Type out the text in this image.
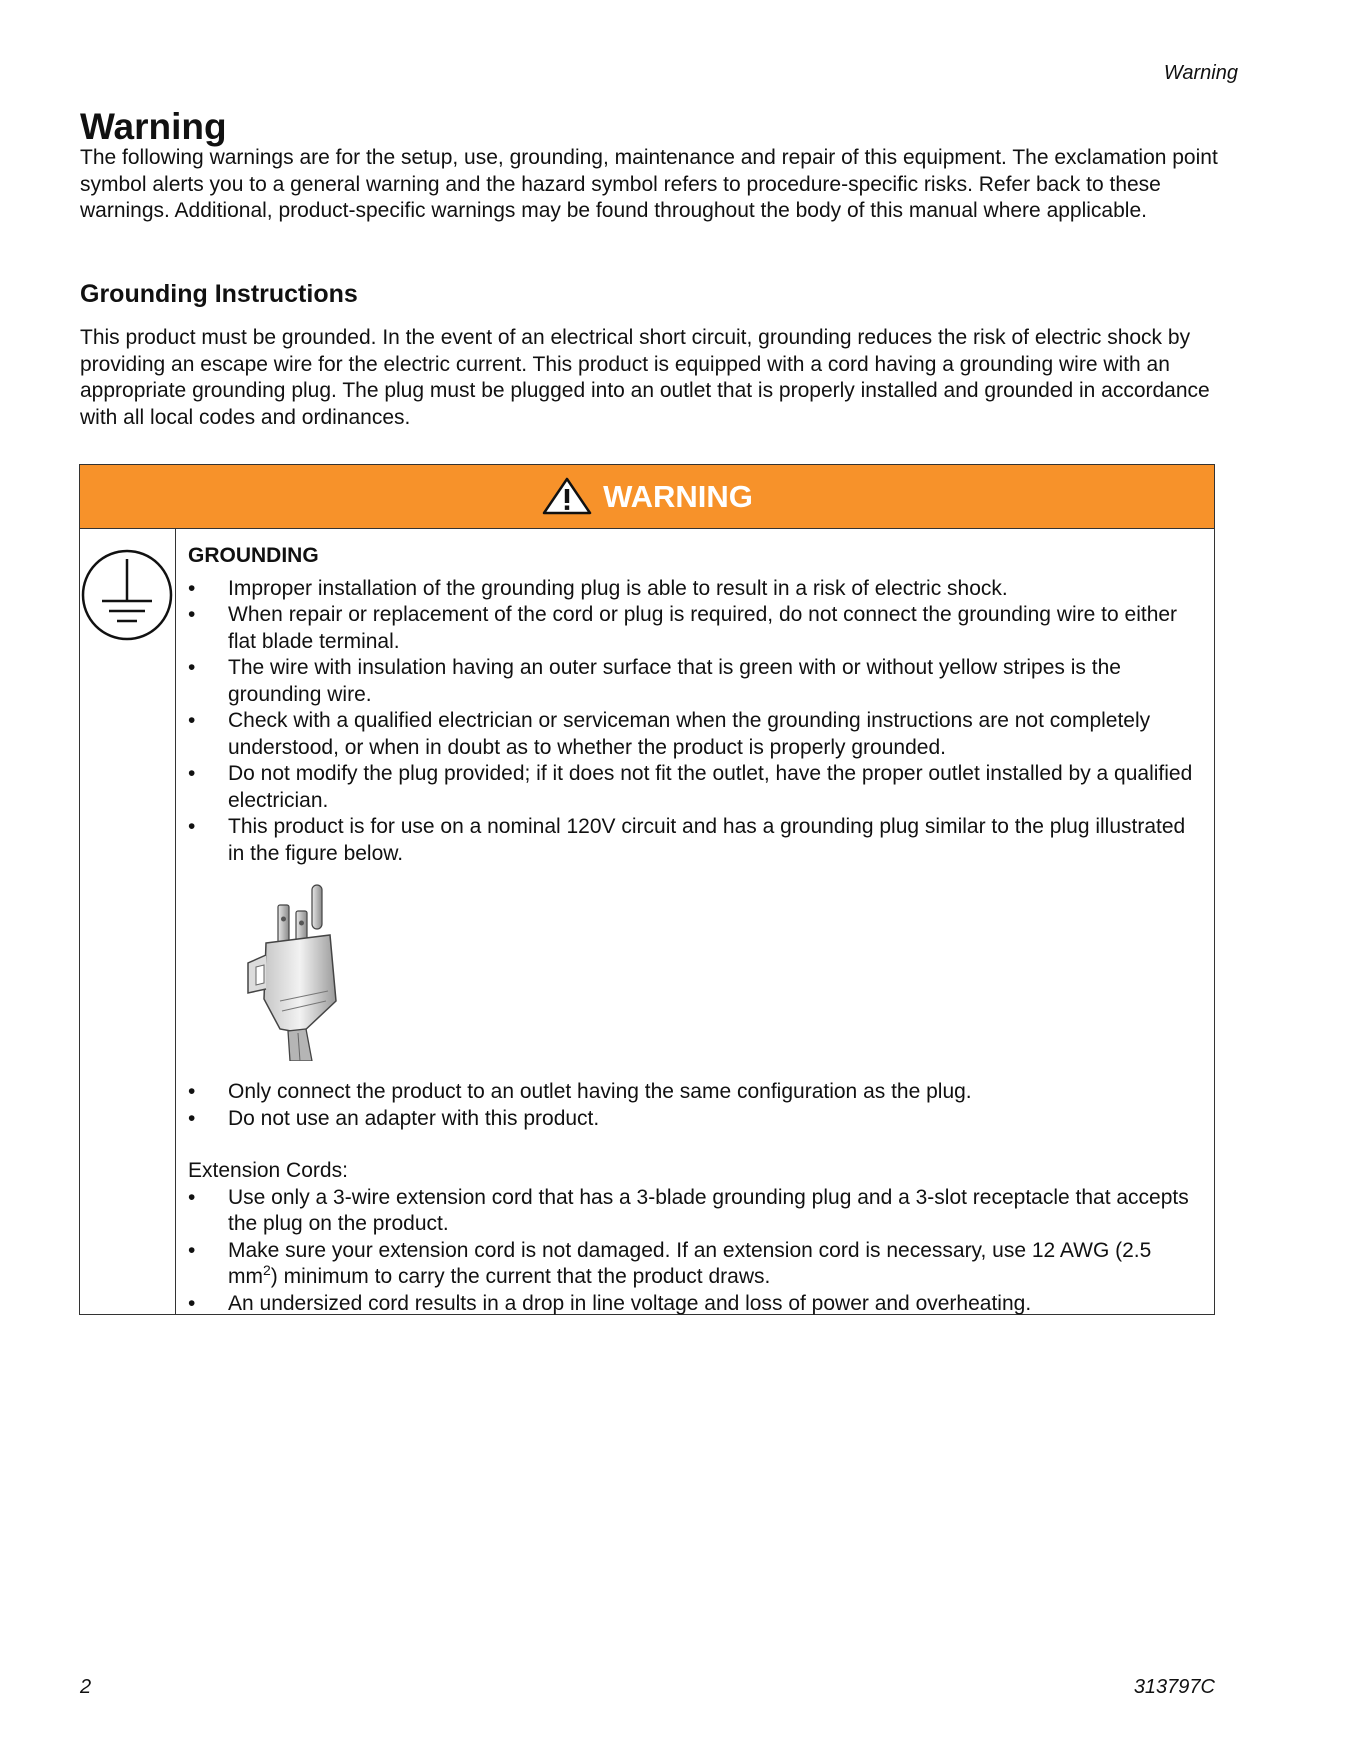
Warning
Warning

The following warnings are for the setup, use, grounding, maintenance and repair of this equipment. The exclamation point symbol alerts you to a general warning and the hazard symbol refers to procedure-specific risks. Refer back to these warnings. Additional, product-specific warnings may be found throughout the body of this manual where applicable.

Grounding Instructions

This product must be grounded. In the event of an electrical short circuit, grounding reduces the risk of electric shock by providing an escape wire for the electric current. This product is equipped with a cord having a grounding wire with an appropriate grounding plug. The plug must be plugged into an outlet that is properly installed and grounded in accordance with all local codes and ordinances.

WARNING
GROUNDING
• Improper installation of the grounding plug is able to result in a risk of electric shock.
• When repair or replacement of the cord or plug is required, do not connect the grounding wire to either flat blade terminal.
• The wire with insulation having an outer surface that is green with or without yellow stripes is the grounding wire.
• Check with a qualified electrician or serviceman when the grounding instructions are not completely understood, or when in doubt as to whether the product is properly grounded.
• Do not modify the plug provided; if it does not fit the outlet, have the proper outlet installed by a qualified electrician.
• This product is for use on a nominal 120V circuit and has a grounding plug similar to the plug illustrated in the figure below.
• Only connect the product to an outlet having the same configuration as the plug.
• Do not use an adapter with this product.
Extension Cords:
• Use only a 3-wire extension cord that has a 3-blade grounding plug and a 3-slot receptacle that accepts the plug on the product.
• Make sure your extension cord is not damaged. If an extension cord is necessary, use 12 AWG (2.5 $mm^2$) minimum to carry the current that the product draws.
• An undersized cord results in a drop in line voltage and loss of power and overheating.
2	313797C
